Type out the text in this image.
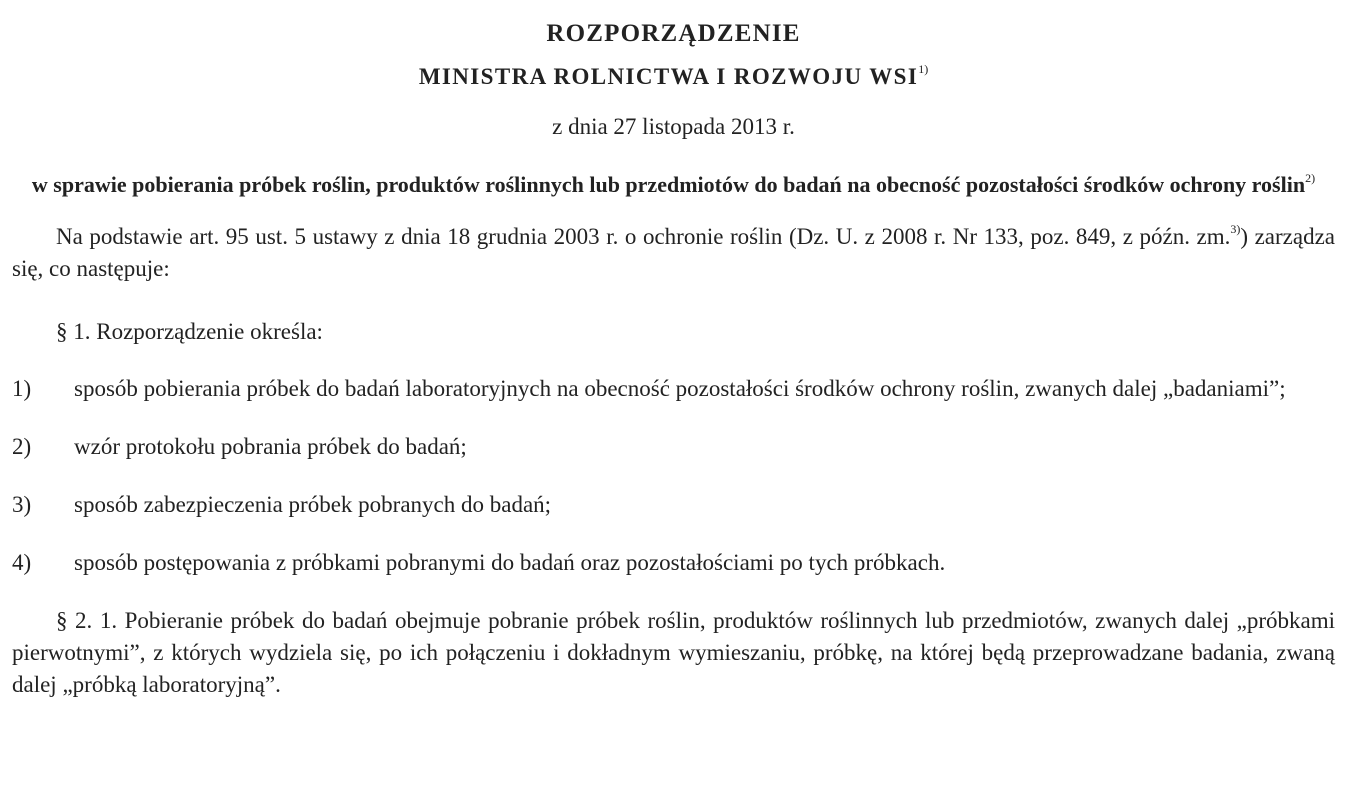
ROZPORZĄDZENIE
MINISTRA ROLNICTWA I ROZWOJU WSI$^{1)}$
z dnia 27 listopada 2013 r.
w sprawie pobierania próbek roślin, produktów roślinnych lub przedmiotów do badań na obecność pozostałości środków ochrony roślin$^{2)}$
Na podstawie art. 95 ust. 5 ustawy z dnia 18 grudnia 2003 r. o ochronie roślin (Dz. U. z 2008 r. Nr 133, poz. 849, z późn. zm.$^{3)}$) zarządza się, co następuje:
§ 1. Rozporządzenie określa:
1) sposób pobierania próbek do badań laboratoryjnych na obecność pozostałości środków ochrony roślin, zwanych dalej „badaniami”;
2) wzór protokołu pobrania próbek do badań;
3) sposób zabezpieczenia próbek pobranych do badań;
4) sposób postępowania z próbkami pobranymi do badań oraz pozostałościami po tych próbkach.
§ 2. 1. Pobieranie próbek do badań obejmuje pobranie próbek roślin, produktów roślinnych lub przedmiotów, zwanych dalej „próbkami pierwotnymi”, z których wydziela się, po ich połączeniu i dokładnym wymieszaniu, próbkę, na której będą przeprowadzane badania, zwaną dalej „próbką laboratoryjną”.
